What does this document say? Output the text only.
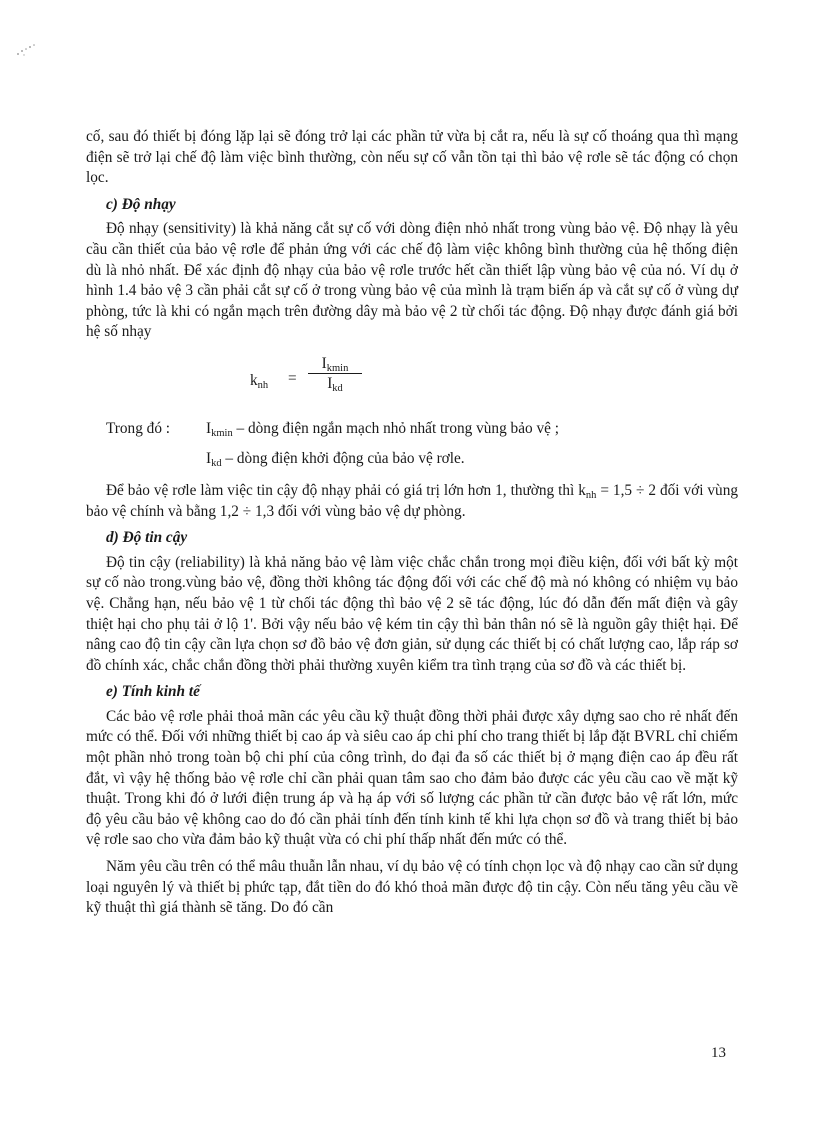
cố, sau đó thiết bị đóng lặp lại sẽ đóng trở lại các phần tử vừa bị cắt ra, nếu là sự cố thoáng qua thì mạng điện sẽ trở lại chế độ làm việc bình thường, còn nếu sự cố vẫn tồn tại thì bảo vệ rơle sẽ tác động có chọn lọc.

c) Độ nhạy

Độ nhạy (sensitivity) là khả năng cắt sự cố với dòng điện nhỏ nhất trong vùng bảo vệ. Độ nhạy là yêu cầu cần thiết của bảo vệ rơle để phản ứng với các chế độ làm việc không bình thường của hệ thống điện dù là nhỏ nhất. Để xác định độ nhạy của bảo vệ rơle trước hết cần thiết lập vùng bảo vệ của nó. Ví dụ ở hình 1.4 bảo vệ 3 cần phải cắt sự cố ở trong vùng bảo vệ của mình là trạm biến áp và cắt sự cố ở vùng dự phòng, tức là khi có ngắn mạch trên đường dây mà bảo vệ 2 từ chối tác động. Độ nhạy được đánh giá bởi hệ số nhạy

$k_{nh}$ =
$I_{kmin}$
$I_{kd}$
Trong đó : $I_{kmin}$ – dòng điện ngắn mạch nhỏ nhất trong vùng bảo vệ ;
$I_{kd}$ – dòng điện khởi động của bảo vệ rơle.

Để bảo vệ rơle làm việc tin cậy độ nhạy phải có giá trị lớn hơn 1, thường thì $k_{nh} = 1,5 \div 2$ đối với vùng bảo vệ chính và bằng 1,2 ÷ 1,3 đối với vùng bảo vệ dự phòng.

d) Độ tin cậy

Độ tin cậy (reliability) là khả năng bảo vệ làm việc chắc chắn trong mọi điều kiện, đối với bất kỳ một sự cố nào trong.vùng bảo vệ, đồng thời không tác động đối với các chế độ mà nó không có nhiệm vụ bảo vệ. Chẳng hạn, nếu bảo vệ 1 từ chối tác động thì bảo vệ 2 sẽ tác động, lúc đó dẫn đến mất điện và gây thiệt hại cho phụ tải ở lộ 1'. Bởi vậy nếu bảo vệ kém tin cậy thì bản thân nó sẽ là nguồn gây thiệt hại. Để nâng cao độ tin cậy cần lựa chọn sơ đồ bảo vệ đơn giản, sử dụng các thiết bị có chất lượng cao, lắp ráp sơ đồ chính xác, chắc chắn đồng thời phải thường xuyên kiểm tra tình trạng của sơ đồ và các thiết bị.

e) Tính kinh tế

Các bảo vệ rơle phải thoả mãn các yêu cầu kỹ thuật đồng thời phải được xây dựng sao cho rẻ nhất đến mức có thể. Đối với những thiết bị cao áp và siêu cao áp chi phí cho trang thiết bị lắp đặt BVRL chỉ chiếm một phần nhỏ trong toàn bộ chi phí của công trình, do đại đa số các thiết bị ở mạng điện cao áp đều rất đắt, vì vậy hệ thống bảo vệ rơle chỉ cần phải quan tâm sao cho đảm bảo được các yêu cầu cao về mặt kỹ thuật. Trong khi đó ở lưới điện trung áp và hạ áp với số lượng các phần tử cần được bảo vệ rất lớn, mức độ yêu cầu bảo vệ không cao do đó cần phải tính đến tính kinh tế khi lựa chọn sơ đồ và trang thiết bị bảo vệ rơle sao cho vừa đảm bảo kỹ thuật vừa có chi phí thấp nhất đến mức có thể.

Năm yêu cầu trên có thể mâu thuẫn lẫn nhau, ví dụ bảo vệ có tính chọn lọc và độ nhạy cao cần sử dụng loại nguyên lý và thiết bị phức tạp, đắt tiền do đó khó thoả mãn được độ tin cậy. Còn nếu tăng yêu cầu về kỹ thuật thì giá thành sẽ tăng. Do đó cần

13
